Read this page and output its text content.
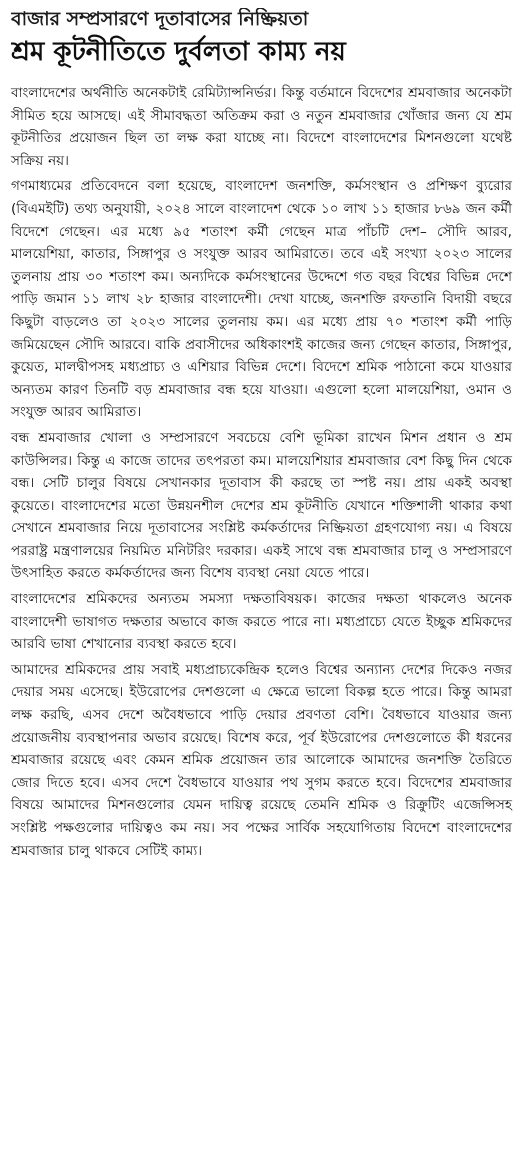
বাজার সম্প্রসারণে দূতাবাসের নিষ্ক্রিয়তা
শ্রম কূটনীতিতে দুর্বলতা কাম্য নয়

বাংলাদেশের অর্থনীতি অনেকটাই রেমিট্যান্সনির্ভর। কিন্তু বর্তমানে বিদেশের শ্রমবাজার অনেকটা সীমিত হয়ে আসছে। এই সীমাবদ্ধতা অতিক্রম করা ও নতুন শ্রমবাজার খোঁজার জন্য যে শ্রম কূটনীতির প্রয়োজন ছিল তা লক্ষ করা যাচ্ছে না। বিদেশে বাংলাদেশের মিশনগুলো যথেষ্ট সক্রিয় নয়।

গণমাধ্যমের প্রতিবেদনে বলা হয়েছে, বাংলাদেশ জনশক্তি, কর্মসংস্থান ও প্রশিক্ষণ ব্যুরোর (বিএমইটি) তথ্য অনুযায়ী, ২০২৪ সালে বাংলাদেশ থেকে ১০ লাখ ১১ হাজার ৮৬৯ জন কর্মী বিদেশে গেছেন। এর মধ্যে ৯৫ শতাংশ কর্মী গেছেন মাত্র পাঁচটি দেশ– সৌদি আরব, মালয়েশিয়া, কাতার, সিঙ্গাপুর ও সংযুক্ত আরব আমিরাতে। তবে এই সংখ্যা ২০২৩ সালের তুলনায় প্রায় ৩০ শতাংশ কম। অন্যদিকে কর্মসংস্থানের উদ্দেশে গত বছর বিশ্বের বিভিন্ন দেশে পাড়ি জমান ১১ লাখ ২৮ হাজার বাংলাদেশী। দেখা যাচ্ছে, জনশক্তি রফতানি বিদায়ী বছরে কিছুটা বাড়লেও তা ২০২৩ সালের তুলনায় কম। এর মধ্যে প্রায় ৭০ শতাংশ কর্মী পাড়ি জমিয়েছেন সৌদি আরবে। বাকি প্রবাসীদের অধিকাংশই কাজের জন্য গেছেন কাতার, সিঙ্গাপুর, কুয়েত, মালদ্বীপসহ মধ্যপ্রাচ্য ও এশিয়ার বিভিন্ন দেশে। বিদেশে শ্রমিক পাঠানো কমে যাওয়ার অন্যতম কারণ তিনটি বড় শ্রমবাজার বন্ধ হয়ে যাওয়া। এগুলো হলো মালয়েশিয়া, ওমান ও সংযুক্ত আরব আমিরাত।

বন্ধ শ্রমবাজার খোলা ও সম্প্রসারণে সবচেয়ে বেশি ভূমিকা রাখেন মিশন প্রধান ও শ্রম কাউন্সিলর। কিন্তু এ কাজে তাদের তৎপরতা কম। মালয়েশিয়ার শ্রমবাজার বেশ কিছু দিন থেকে বন্ধ। সেটি চালুর বিষয়ে সেখানকার দূতাবাস কী করছে তা স্পষ্ট নয়। প্রায় একই অবস্থা কুয়েতে। বাংলাদেশের মতো উন্নয়নশীল দেশের শ্রম কূটনীতি যেখানে শক্তিশালী থাকার কথা সেখানে শ্রমবাজার নিয়ে দূতাবাসের সংশ্লিষ্ট কর্মকর্তাদের নিষ্ক্রিয়তা গ্রহণযোগ্য নয়। এ বিষয়ে পররাষ্ট্র মন্ত্রণালয়ের নিয়মিত মনিটরিং দরকার। একই সাথে বন্ধ শ্রমবাজার চালু ও সম্প্রসারণে উৎসাহিত করতে কর্মকর্তাদের জন্য বিশেষ ব্যবস্থা নেয়া যেতে পারে।

বাংলাদেশের শ্রমিকদের অন্যতম সমস্যা দক্ষতাবিষয়ক। কাজের দক্ষতা থাকলেও অনেক বাংলাদেশী ভাষাগত দক্ষতার অভাবে কাজ করতে পারে না। মধ্যপ্রাচ্যে যেতে ইচ্ছুক শ্রমিকদের আরবি ভাষা শেখানোর ব্যবস্থা করতে হবে।

আমাদের শ্রমিকদের প্রায় সবাই মধ্যপ্রাচ্যকেন্দ্রিক হলেও বিশ্বের অন্যান্য দেশের দিকেও নজর দেয়ার সময় এসেছে। ইউরোপের দেশগুলো এ ক্ষেত্রে ভালো বিকল্প হতে পারে। কিন্তু আমরা লক্ষ করছি, এসব দেশে অবৈধভাবে পাড়ি দেয়ার প্রবণতা বেশি। বৈধভাবে যাওয়ার জন্য প্রয়োজনীয় ব্যবস্থাপনার অভাব রয়েছে। বিশেষ করে, পূর্ব ইউরোপের দেশগুলোতে কী ধরনের শ্রমবাজার রয়েছে এবং কেমন শ্রমিক প্রয়োজন তার আলোকে আমাদের জনশক্তি তৈরিতে জোর দিতে হবে। এসব দেশে বৈধভাবে যাওয়ার পথ সুগম করতে হবে। বিদেশের শ্রমবাজার বিষয়ে আমাদের মিশনগুলোর যেমন দায়িত্ব রয়েছে তেমনি শ্রমিক ও রিক্রুটিং এজেন্সিসহ সংশ্লিষ্ট পক্ষগুলোর দায়িত্বও কম নয়। সব পক্ষের সার্বিক সহযোগিতায় বিদেশে বাংলাদেশের শ্রমবাজার চালু থাকবে সেটিই কাম্য।
